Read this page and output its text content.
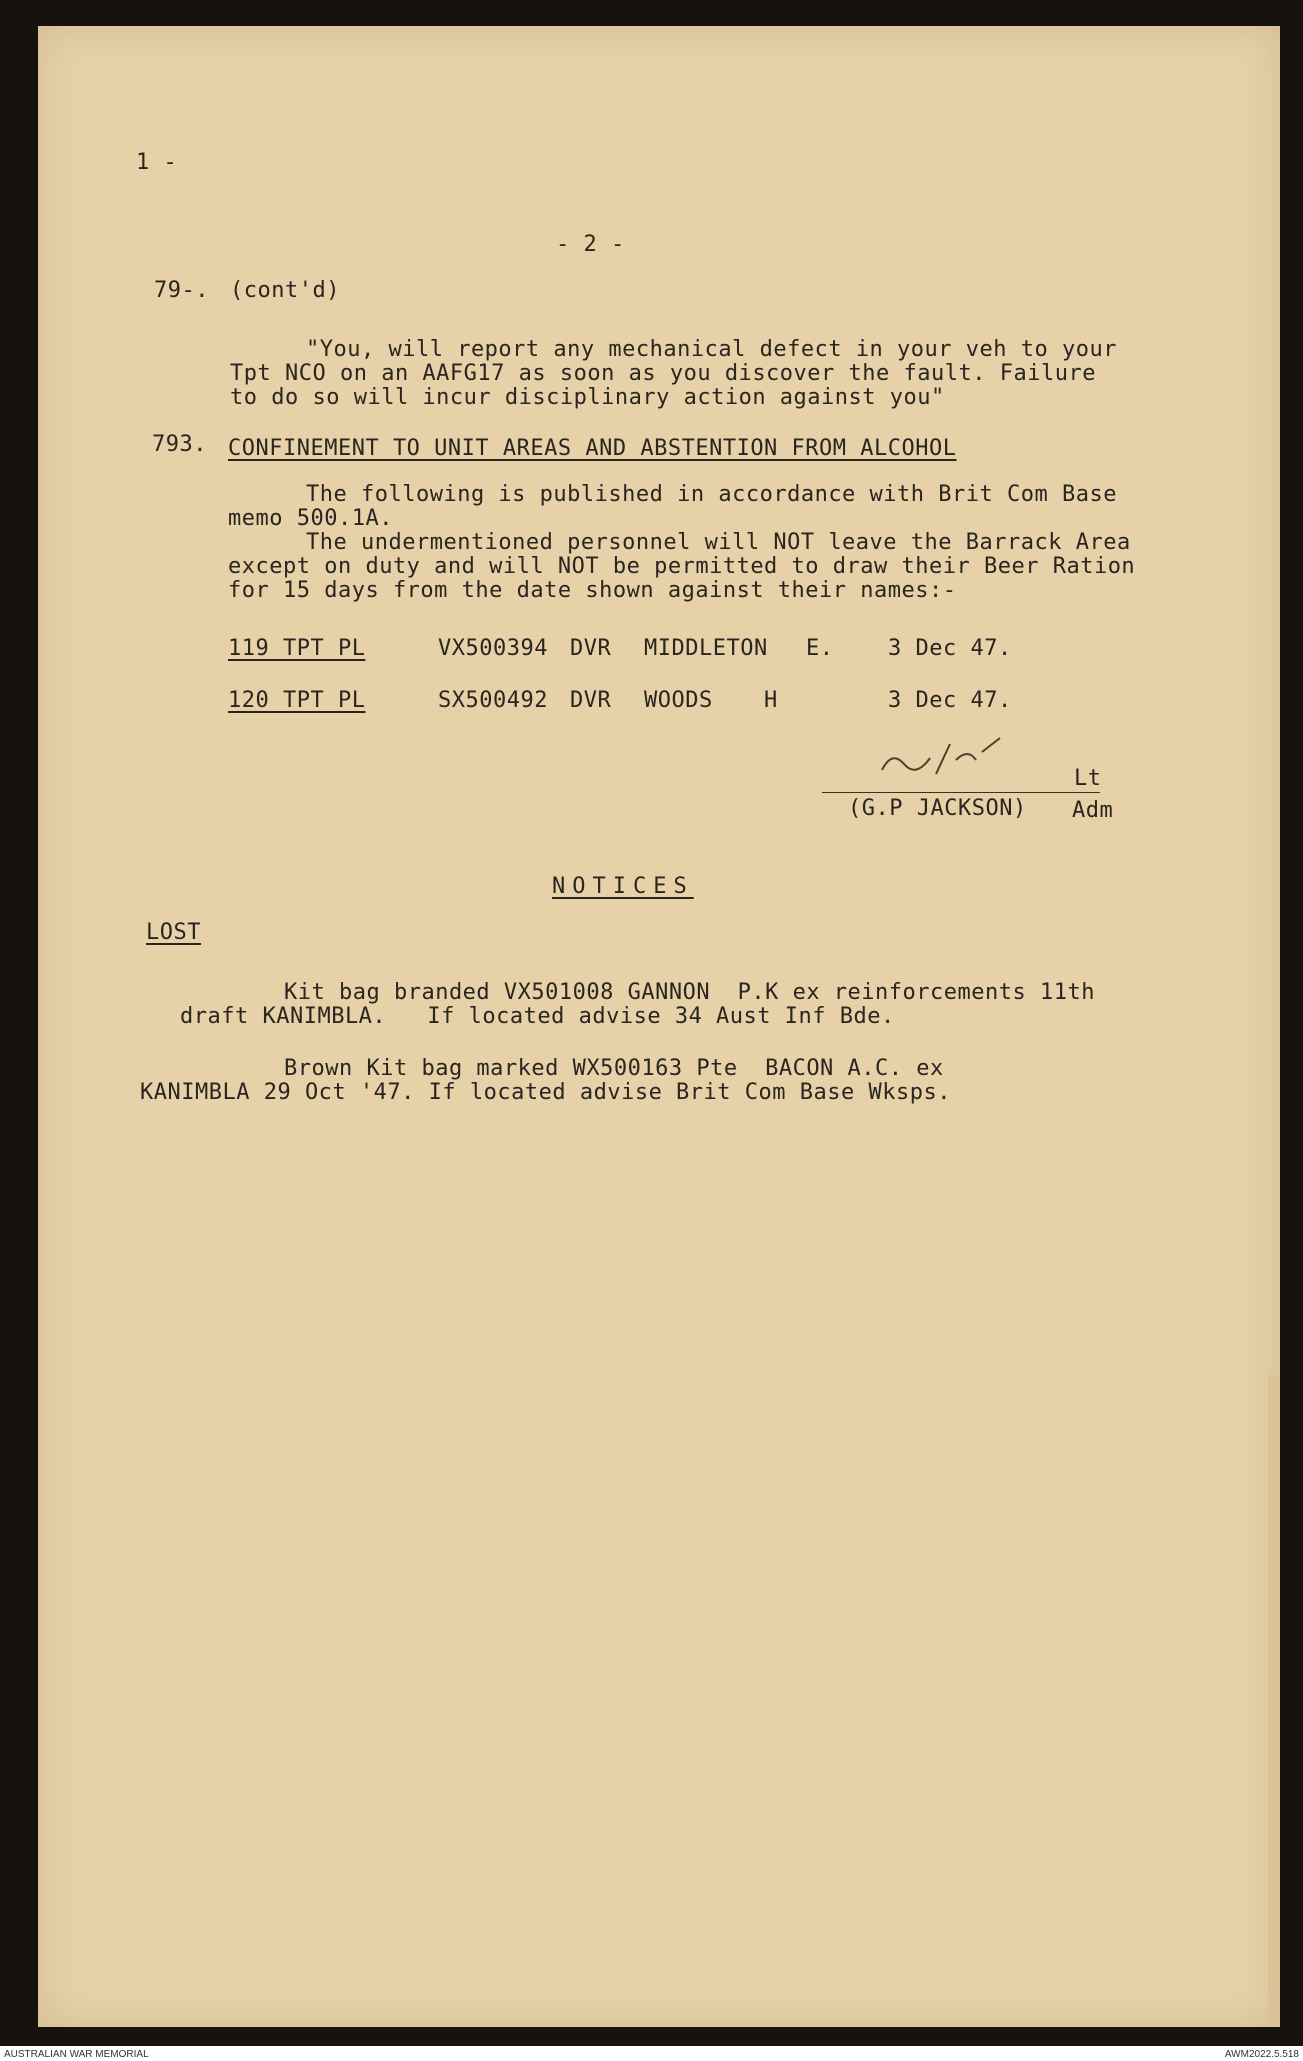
1 -
- 2 -
79-. (cont'd)
"You, will report any mechanical defect in your veh to your
Tpt NCO on an AAFG17 as soon as you discover the fault. Failure
to do so will incur disciplinary action against you"
793. CONFINEMENT TO UNIT AREAS AND ABSTENTION FROM ALCOHOL
The following is published in accordance with Brit Com Base
memo 500.1A.
The undermentioned personnel will NOT leave the Barrack Area
except on duty and will NOT be permitted to draw their Beer Ration
for 15 days from the date shown against their names:-
119 TPT PL	VX500394 DVR MIDDLETON E. 3 Dec 47.
120 TPT PL	SX500492 DVR WOODS H	3 Dec 47.
Lt
(G.P JACKSON) Adm
NOTICES
LOST
Kit bag branded VX501008 GANNON  P.K ex reinforcements 11th
draft KANIMBLA.   If located advise 34 Aust Inf Bde.
Brown Kit bag marked WX500163 Pte  BACON A.C. ex
KANIMBLA 29 Oct '47. If located advise Brit Com Base Wksps.
AUSTRALIAN WAR MEMORIAL	AWM2022.5.518
